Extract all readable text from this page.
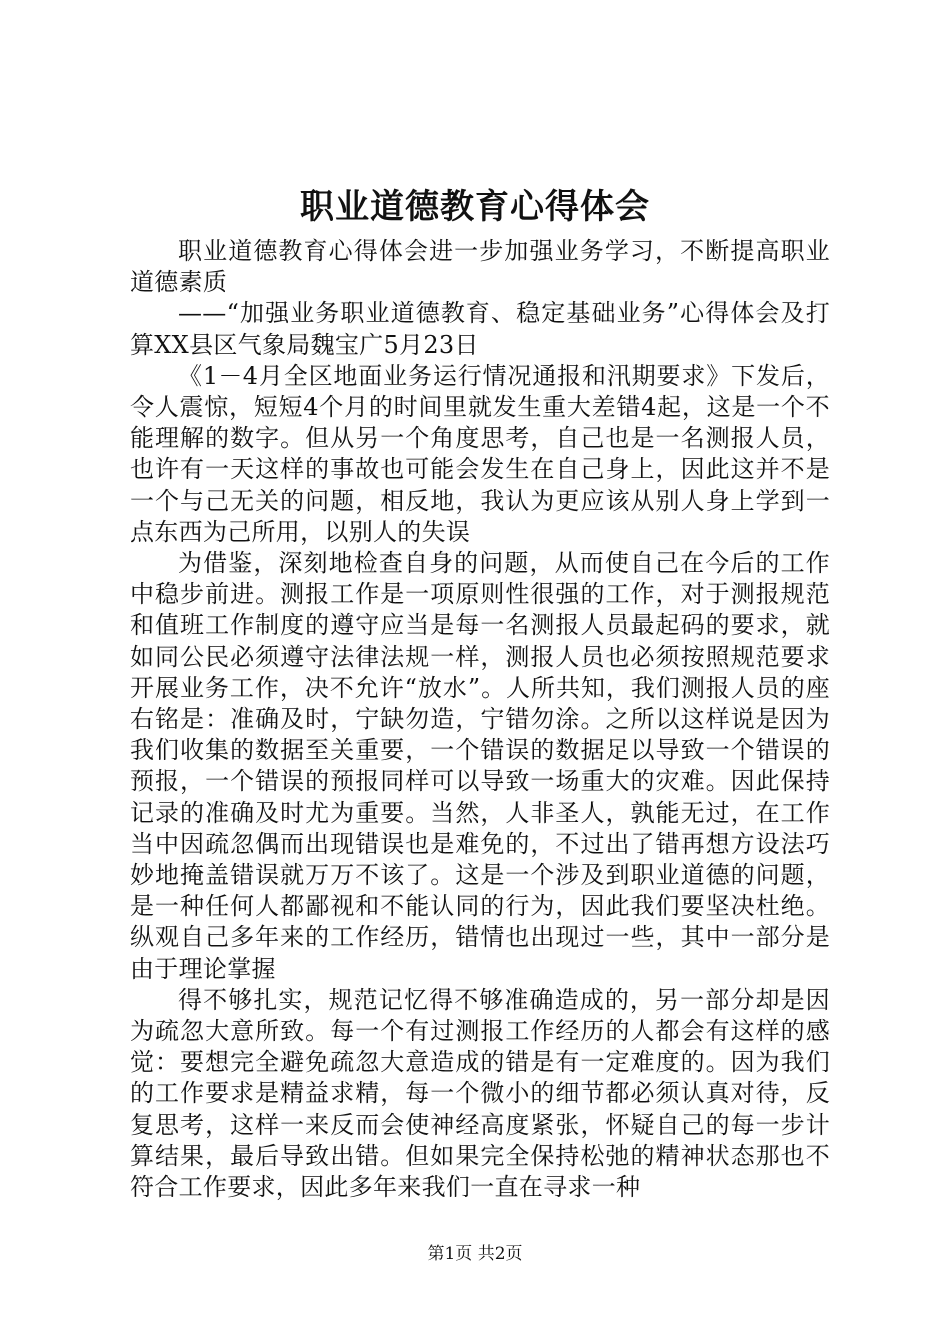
职业道德教育心得体会

职业道德教育心得体会进一步加强业务学习，不断提高职业道德素质

——“加强业务职业道德教育、稳定基础业务”心得体会及打算XX县区气象局魏宝广5月23日

《1－4月全区地面业务运行情况通报和汛期要求》下发后，令人震惊，短短4个月的时间里就发生重大差错4起，这是一个不能理解的数字。但从另一个角度思考，自己也是一名测报人员，也许有一天这样的事故也可能会发生在自己身上，因此这并不是一个与己无关的问题，相反地，我认为更应该从别人身上学到一点东西为己所用，以别人的失误

为借鉴，深刻地检查自身的问题，从而使自己在今后的工作中稳步前进。测报工作是一项原则性很强的工作，对于测报规范和值班工作制度的遵守应当是每一名测报人员最起码的要求，就如同公民必须遵守法律法规一样，测报人员也必须按照规范要求开展业务工作，决不允许“放水”。人所共知，我们测报人员的座右铭是：准确及时，宁缺勿造，宁错勿涂。之所以这样说是因为我们收集的数据至关重要，一个错误的数据足以导致一个错误的预报，一个错误的预报同样可以导致一场重大的灾难。因此保持记录的准确及时尤为重要。当然，人非圣人，孰能无过，在工作当中因疏忽偶而出现错误也是难免的，不过出了错再想方设法巧妙地掩盖错误就万万不该了。这是一个涉及到职业道德的问题，是一种任何人都鄙视和不能认同的行为，因此我们要坚决杜绝。纵观自己多年来的工作经历，错情也出现过一些，其中一部分是由于理论掌握

得不够扎实，规范记忆得不够准确造成的，另一部分却是因为疏忽大意所致。每一个有过测报工作经历的人都会有这样的感觉：要想完全避免疏忽大意造成的错是有一定难度的。因为我们的工作要求是精益求精，每一个微小的细节都必须认真对待，反复思考，这样一来反而会使神经高度紧张，怀疑自己的每一步计算结果，最后导致出错。但如果完全保持松弛的精神状态那也不符合工作要求，因此多年来我们一直在寻求一种

第1页 共2页
